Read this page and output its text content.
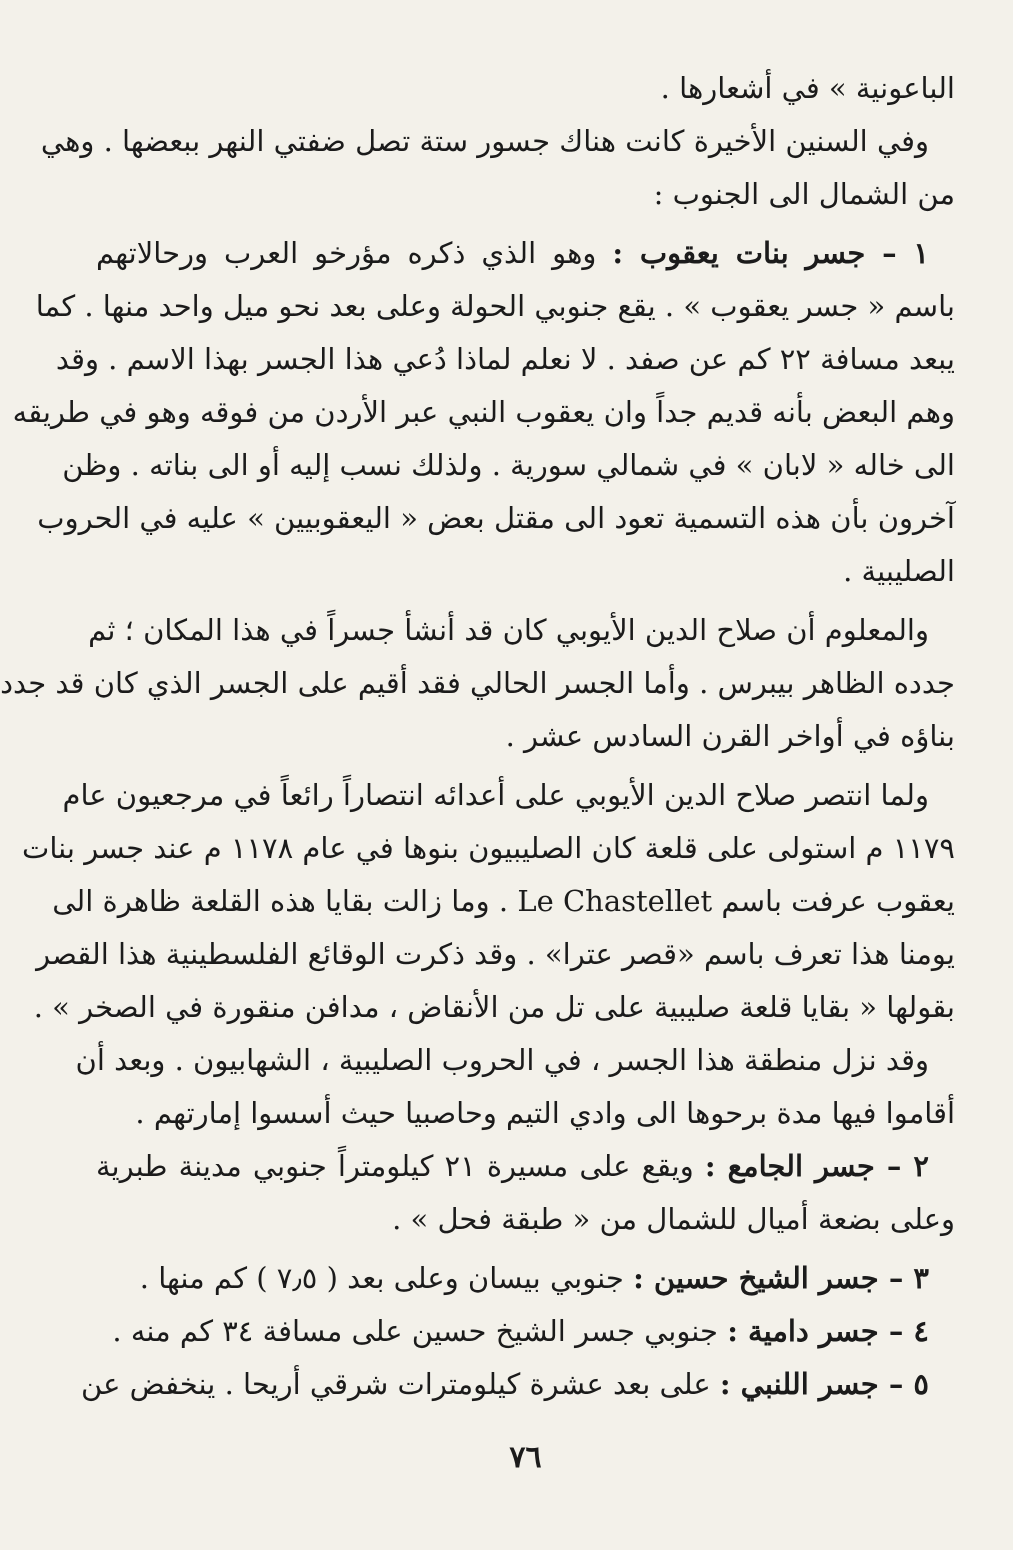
الباعونية » في أشعارها .
وفي السنين الأخيرة كانت هناك جسور ستة تصل ضفتي النهر ببعضها . وهي
من الشمال الى الجنوب :
١ – جسر بنات يعقوب : وهو الذي ذكره مؤرخو العرب ورحالاتهم
باسم « جسر يعقوب » . يقع جنوبي الحولة وعلى بعد نحو ميل واحد منها . كما
يبعد مسافة ٢٢ كم عن صفد . لا نعلم لماذا دُعي هذا الجسر بهذا الاسم . وقد
وهم البعض بأنه قديم جداً وان يعقوب النبي عبر الأردن من فوقه وهو في طريقه
الى خاله « لابان » في شمالي سورية . ولذلك نسب إليه أو الى بناته . وظن
آخرون بأن هذه التسمية تعود الى مقتل بعض « اليعقوبيين » عليه في الحروب
الصليبية .
والمعلوم أن صلاح الدين الأيوبي كان قد أنشأ جسراً في هذا المكان ؛ ثم
جدده الظاهر بيبرس . وأما الجسر الحالي فقد أقيم على الجسر الذي كان قد جدد
بناؤه في أواخر القرن السادس عشر .
ولما انتصر صلاح الدين الأيوبي على أعدائه انتصاراً رائعاً في مرجعيون عام
١١٧٩ م استولى على قلعة كان الصليبيون بنوها في عام ١١٧٨ م عند جسر بنات
يعقوب عرفت باسم Le Chastellet . وما زالت بقايا هذه القلعة ظاهرة الى
يومنا هذا تعرف باسم «قصر عترا» . وقد ذكرت الوقائع الفلسطينية هذا القصر
بقولها « بقايا قلعة صليبية على تل من الأنقاض ، مدافن منقورة في الصخر » .
وقد نزل منطقة هذا الجسر ، في الحروب الصليبية ، الشهابيون . وبعد أن
أقاموا فيها مدة برحوها الى وادي التيم وحاصبيا حيث أسسوا إمارتهم .
٢ – جسر الجامع : ويقع على مسيرة ٢١ كيلومتراً جنوبي مدينة طبرية
وعلى بضعة أميال للشمال من « طبقة فحل » .
٣ – جسر الشيخ حسين : جنوبي بيسان وعلى بعد ( ٧٫٥ ) كم منها .
٤ – جسر دامية : جنوبي جسر الشيخ حسين على مسافة ٣٤ كم منه .
٥ – جسر اللنبي : على بعد عشرة كيلومترات شرقي أريحا . ينخفض عن
٧٦
